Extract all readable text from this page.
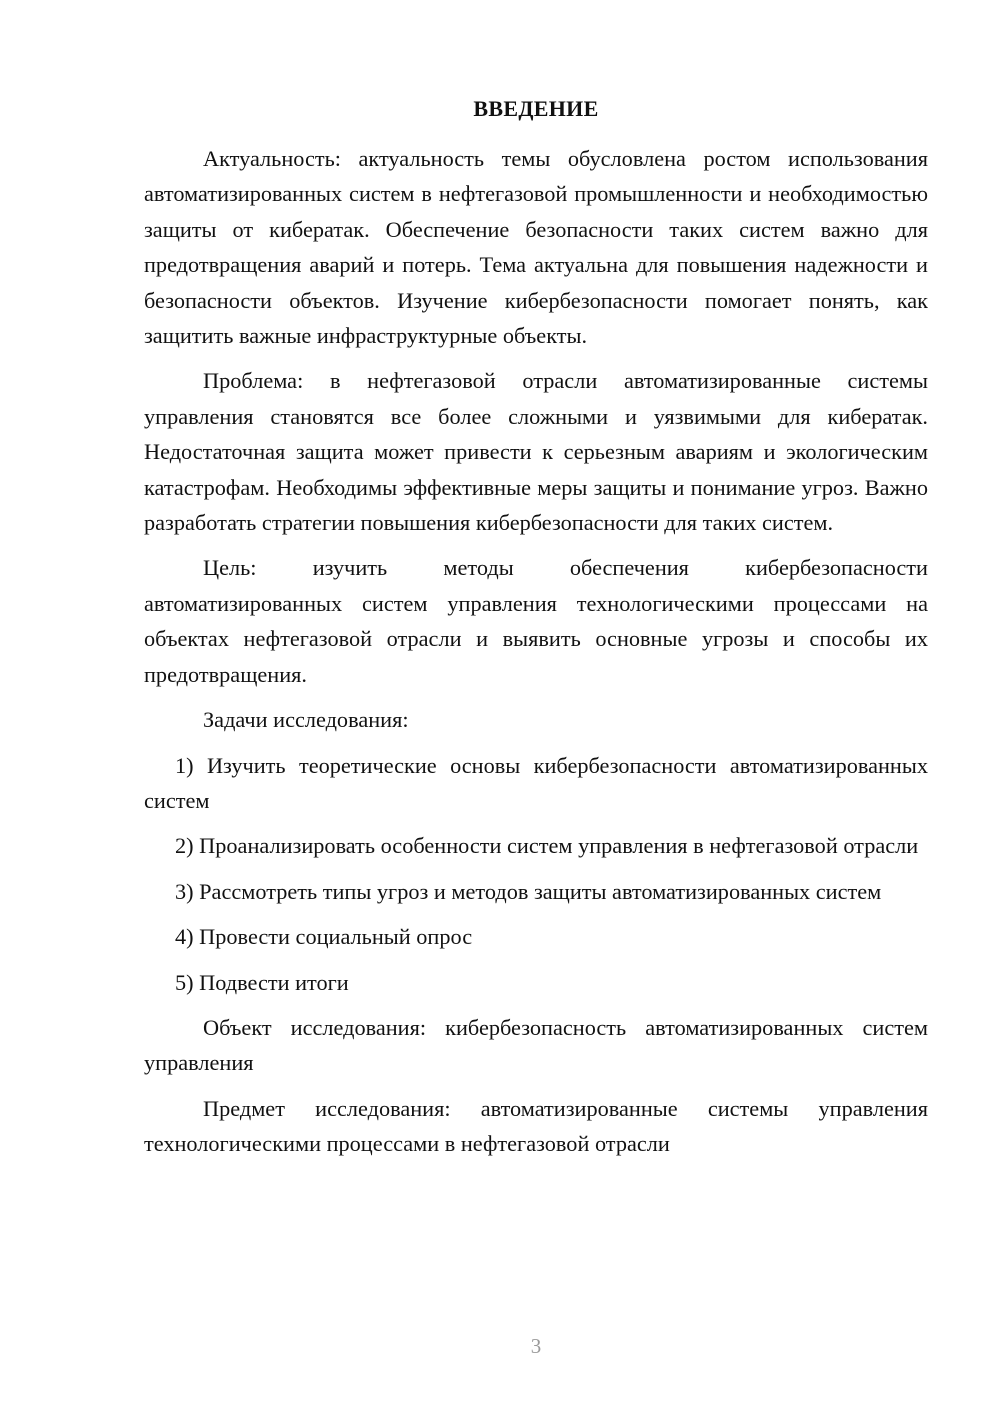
ВВЕДЕНИЕ

Актуальность: актуальность темы обусловлена ростом использования автоматизированных систем в нефтегазовой промышленности и необходимостью защиты от кибератак. Обеспечение безопасности таких систем важно для предотвращения аварий и потерь. Тема актуальна для повышения надежности и безопасности объектов. Изучение кибербезопасности помогает понять, как защитить важные инфраструктурные объекты.

Проблема: в нефтегазовой отрасли автоматизированные системы управления становятся все более сложными и уязвимыми для кибератак. Недостаточная защита может привести к серьезным авариям и экологическим катастрофам. Необходимы эффективные меры защиты и понимание угроз. Важно разработать стратегии повышения кибербезопасности для таких систем.

Цель: изучить методы обеспечения кибербезопасности автоматизированных систем управления технологическими процессами на объектах нефтегазовой отрасли и выявить основные угрозы и способы их предотвращения.

Задачи исследования:

1) Изучить теоретические основы кибербезопасности автоматизированных систем

2) Проанализировать особенности систем управления в нефтегазовой отрасли

3) Рассмотреть типы угроз и методов защиты автоматизированных систем

4) Провести социальный опрос

5) Подвести итоги

Объект исследования: кибербезопасность автоматизированных систем управления

Предмет исследования: автоматизированные системы управления технологическими процессами в нефтегазовой отрасли

3
